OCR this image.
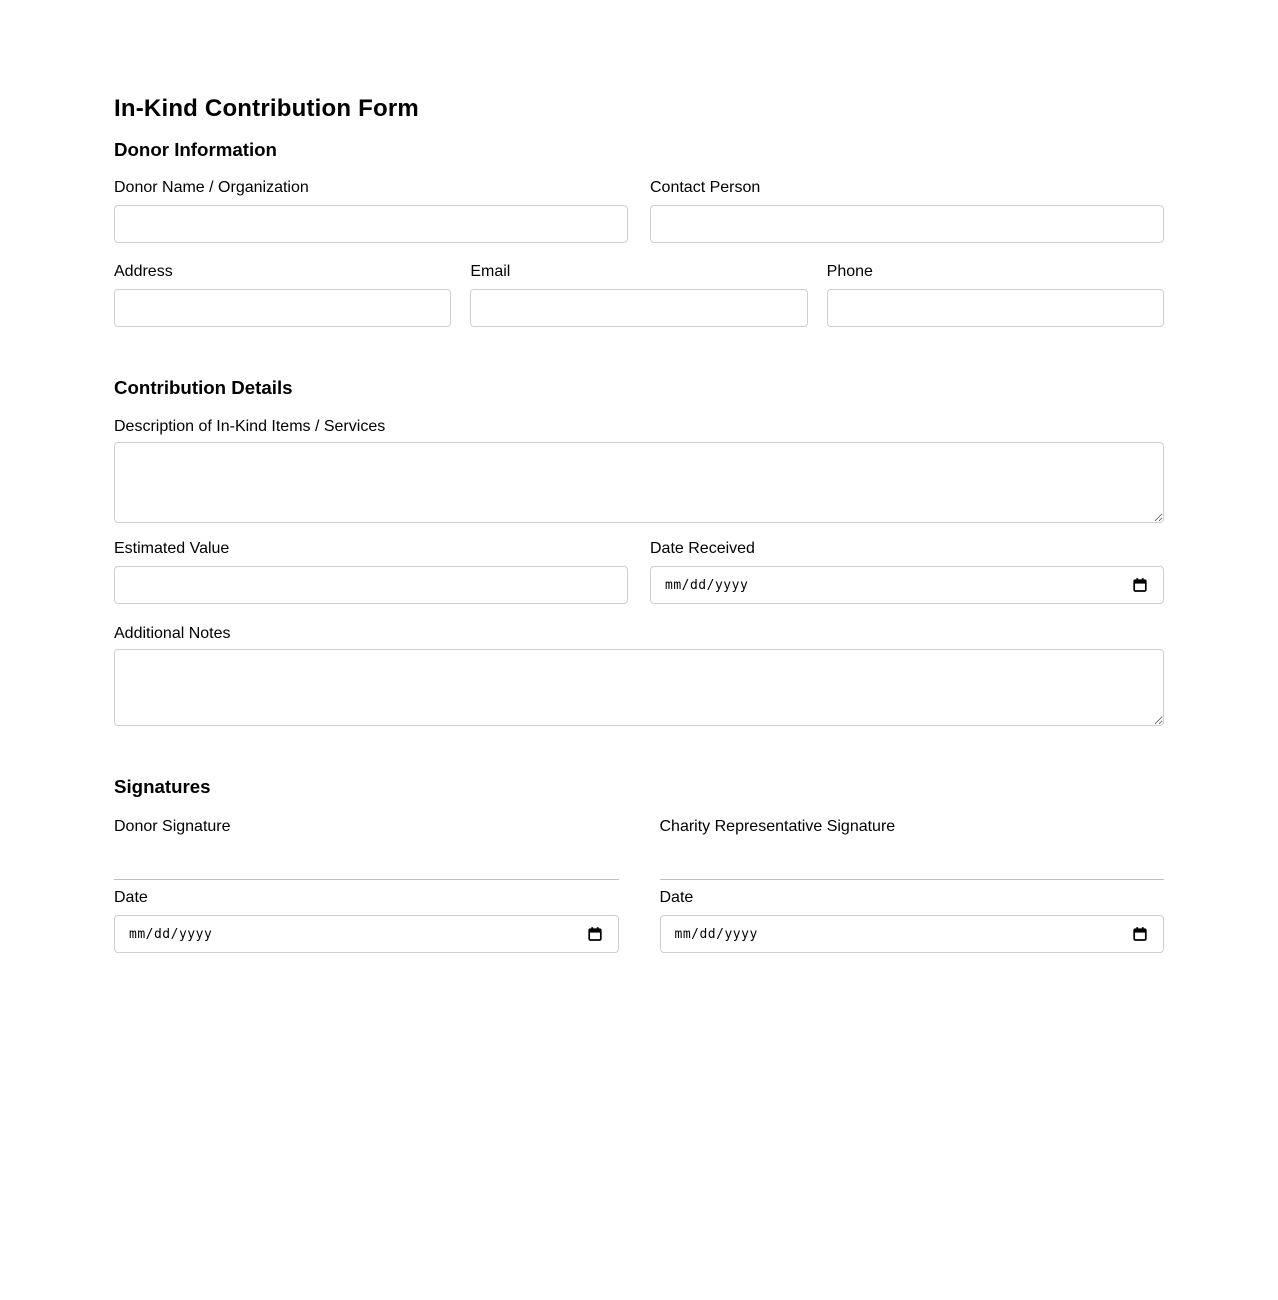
In-Kind Contribution Form
Donor Information
Donor Name / Organization	Contact Person
Address	Email	Phone
Contribution Details
Description of In-Kind Items / Services
Estimated Value	Date Received
mm/dd/yyyy
Additional Notes
Signatures
Donor Signature	Charity Representative Signature
Date
mm/dd/yyyy
Date
mm/dd/yyyy
